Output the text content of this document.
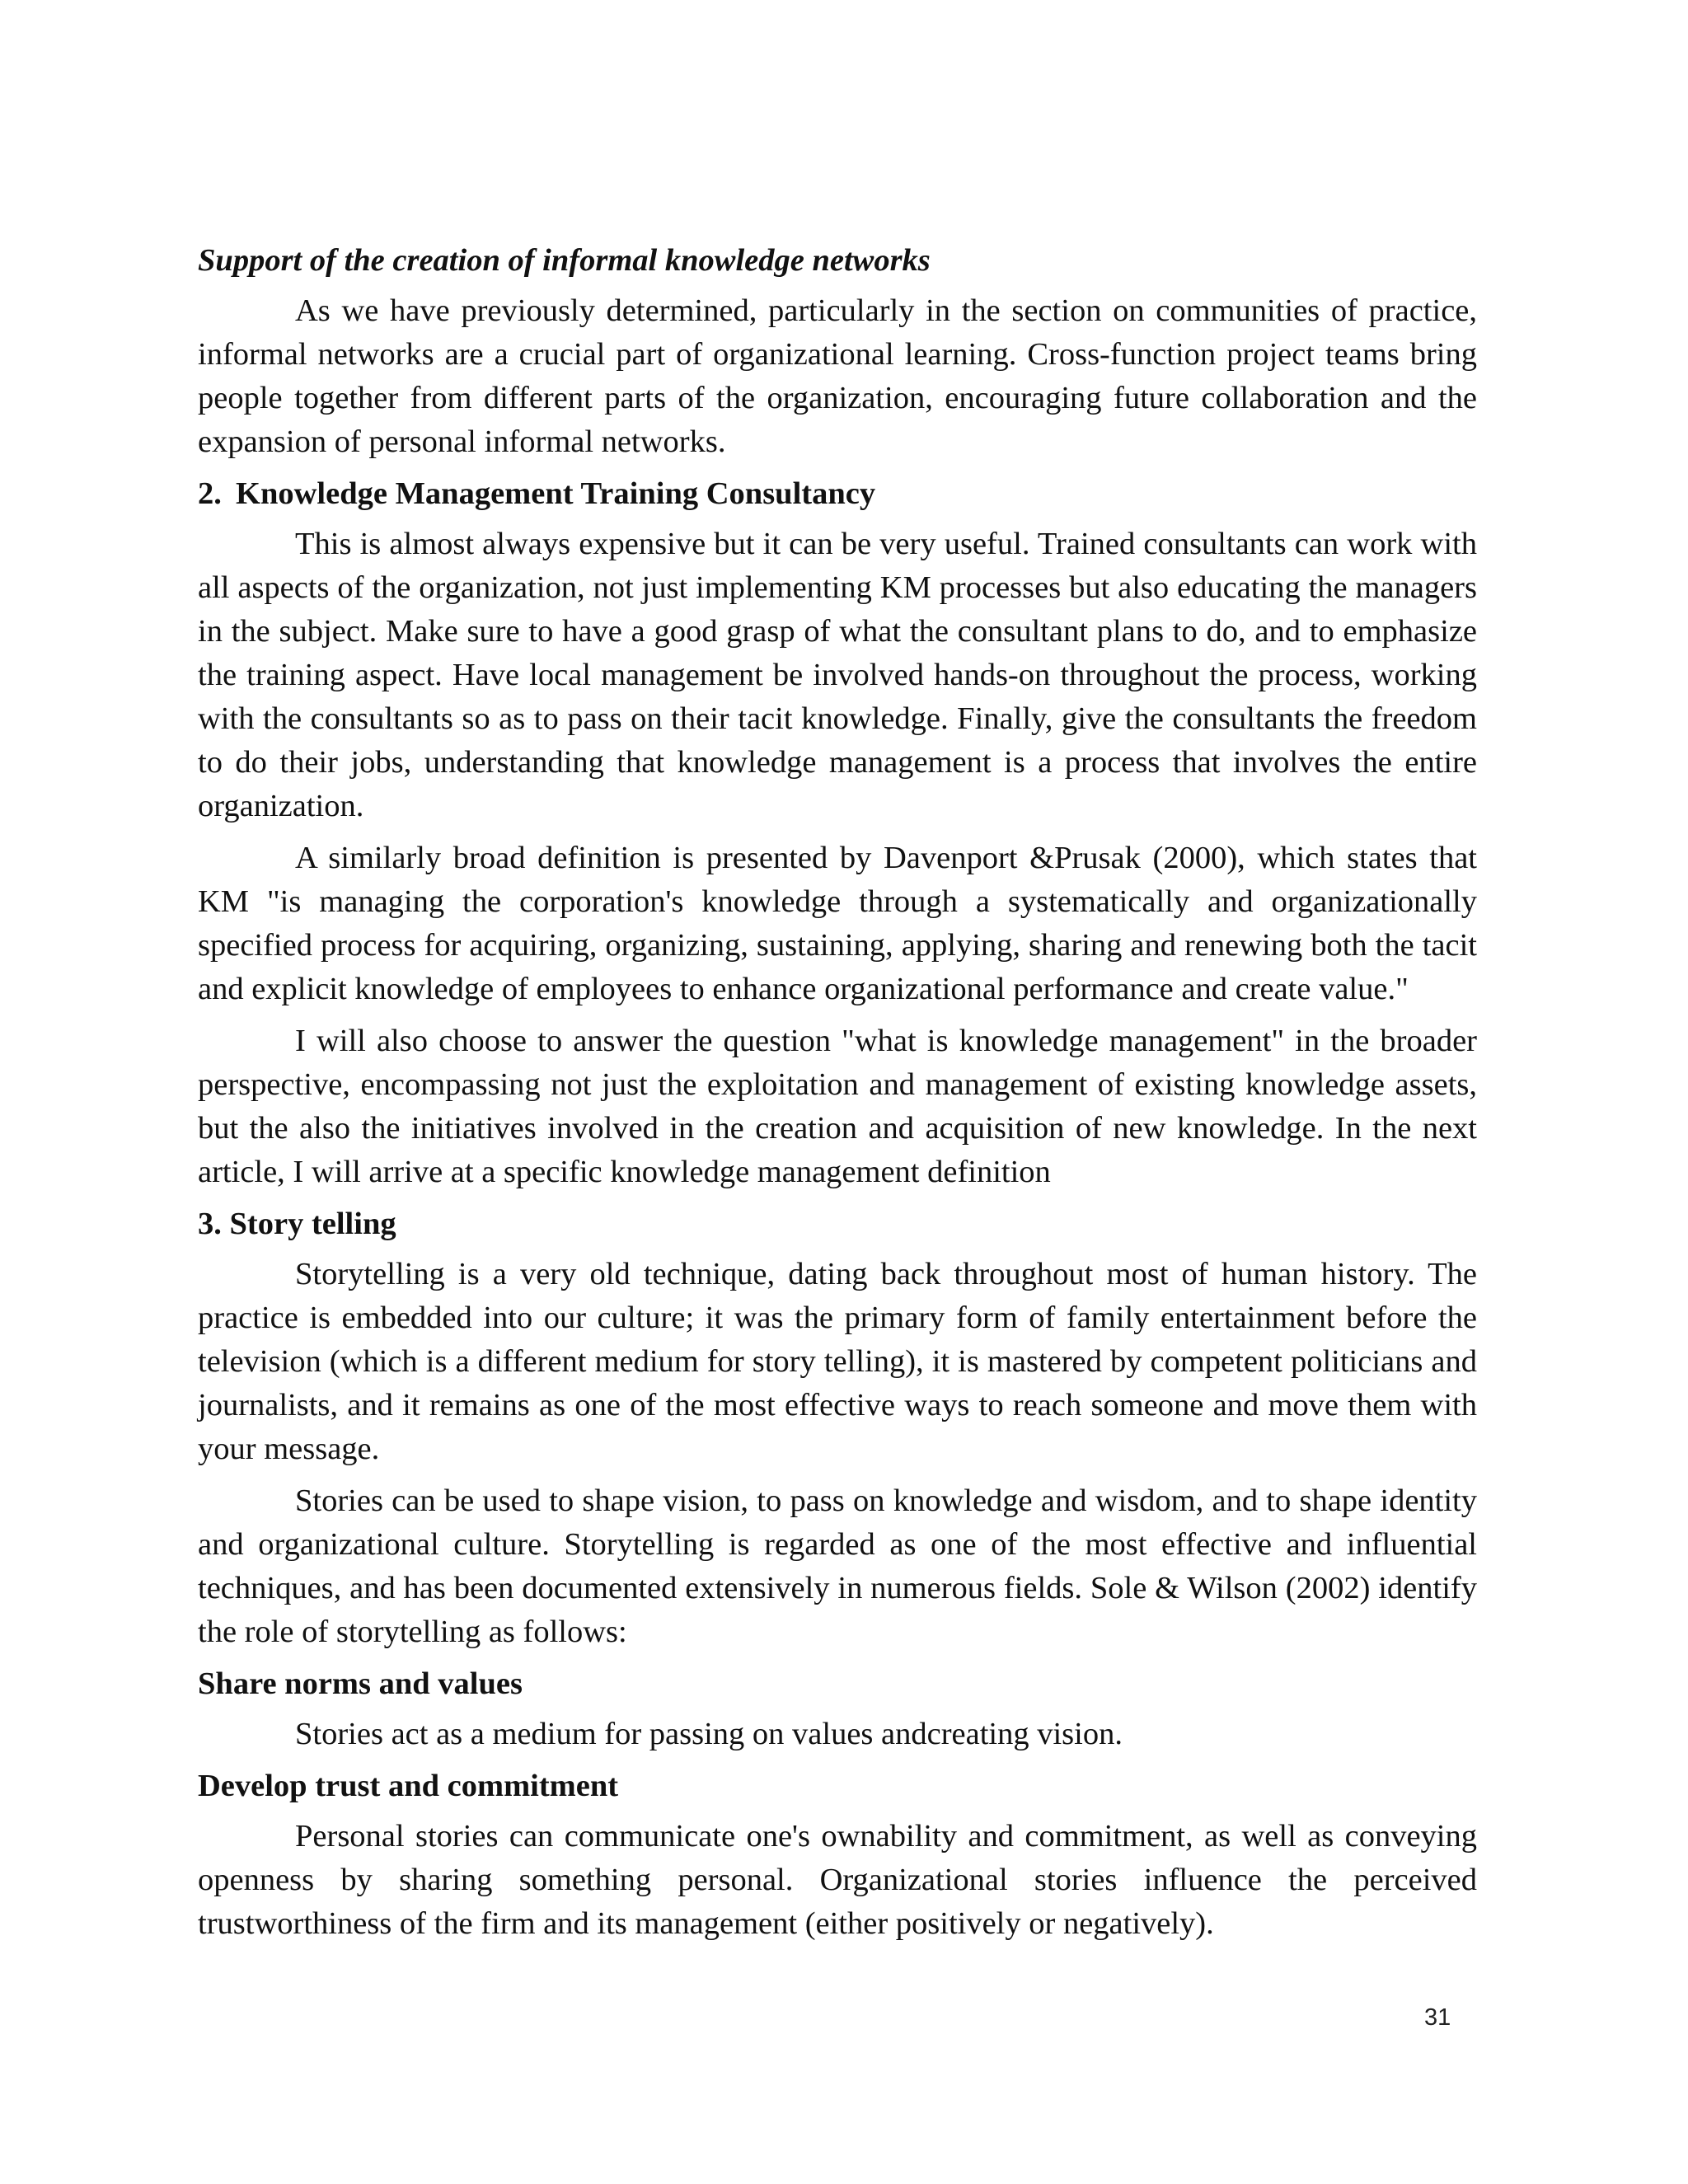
Support of the creation of informal knowledge networks

As we have previously determined, particularly in the section on communities of practice, informal networks are a crucial part of organizational learning. Cross-function project teams bring people together from different parts of the organization, encouraging future collaboration and the expansion of personal informal networks.

2. Knowledge Management Training Consultancy

This is almost always expensive but it can be very useful. Trained consultants can work with all aspects of the organization, not just implementing KM processes but also educating the managers in the subject. Make sure to have a good grasp of what the consultant plans to do, and to emphasize the training aspect. Have local management be involved hands-on throughout the process, working with the consultants so as to pass on their tacit knowledge. Finally, give the consultants the freedom to do their jobs, understanding that knowledge management is a process that involves the entire organization.

A similarly broad definition is presented by Davenport &Prusak (2000), which states that KM "is managing the corporation's knowledge through a systematically and organizationally specified process for acquiring, organizing, sustaining, applying, sharing and renewing both the tacit and explicit knowledge of employees to enhance organizational performance and create value."

I will also choose to answer the question "what is knowledge management" in the broader perspective, encompassing not just the exploitation and management of existing knowledge assets, but the also the initiatives involved in the creation and acquisition of new knowledge. In the next article, I will arrive at a specific knowledge management definition

3. Story telling

Storytelling is a very old technique, dating back throughout most of human history. The practice is embedded into our culture; it was the primary form of family entertainment before the television (which is a different medium for story telling), it is mastered by competent politicians and journalists, and it remains as one of the most effective ways to reach someone and move them with your message.

Stories can be used to shape vision, to pass on knowledge and wisdom, and to shape identity and organizational culture. Storytelling is regarded as one of the most effective and influential techniques, and has been documented extensively in numerous fields. Sole & Wilson (2002) identify the role of storytelling as follows:

Share norms and values

Stories act as a medium for passing on values andcreating vision.

Develop trust and commitment

Personal stories can communicate one's ownability and commitment, as well as conveying openness by sharing something personal. Organizational stories influence the perceived trustworthiness of the firm and its management (either positively or negatively).

31
